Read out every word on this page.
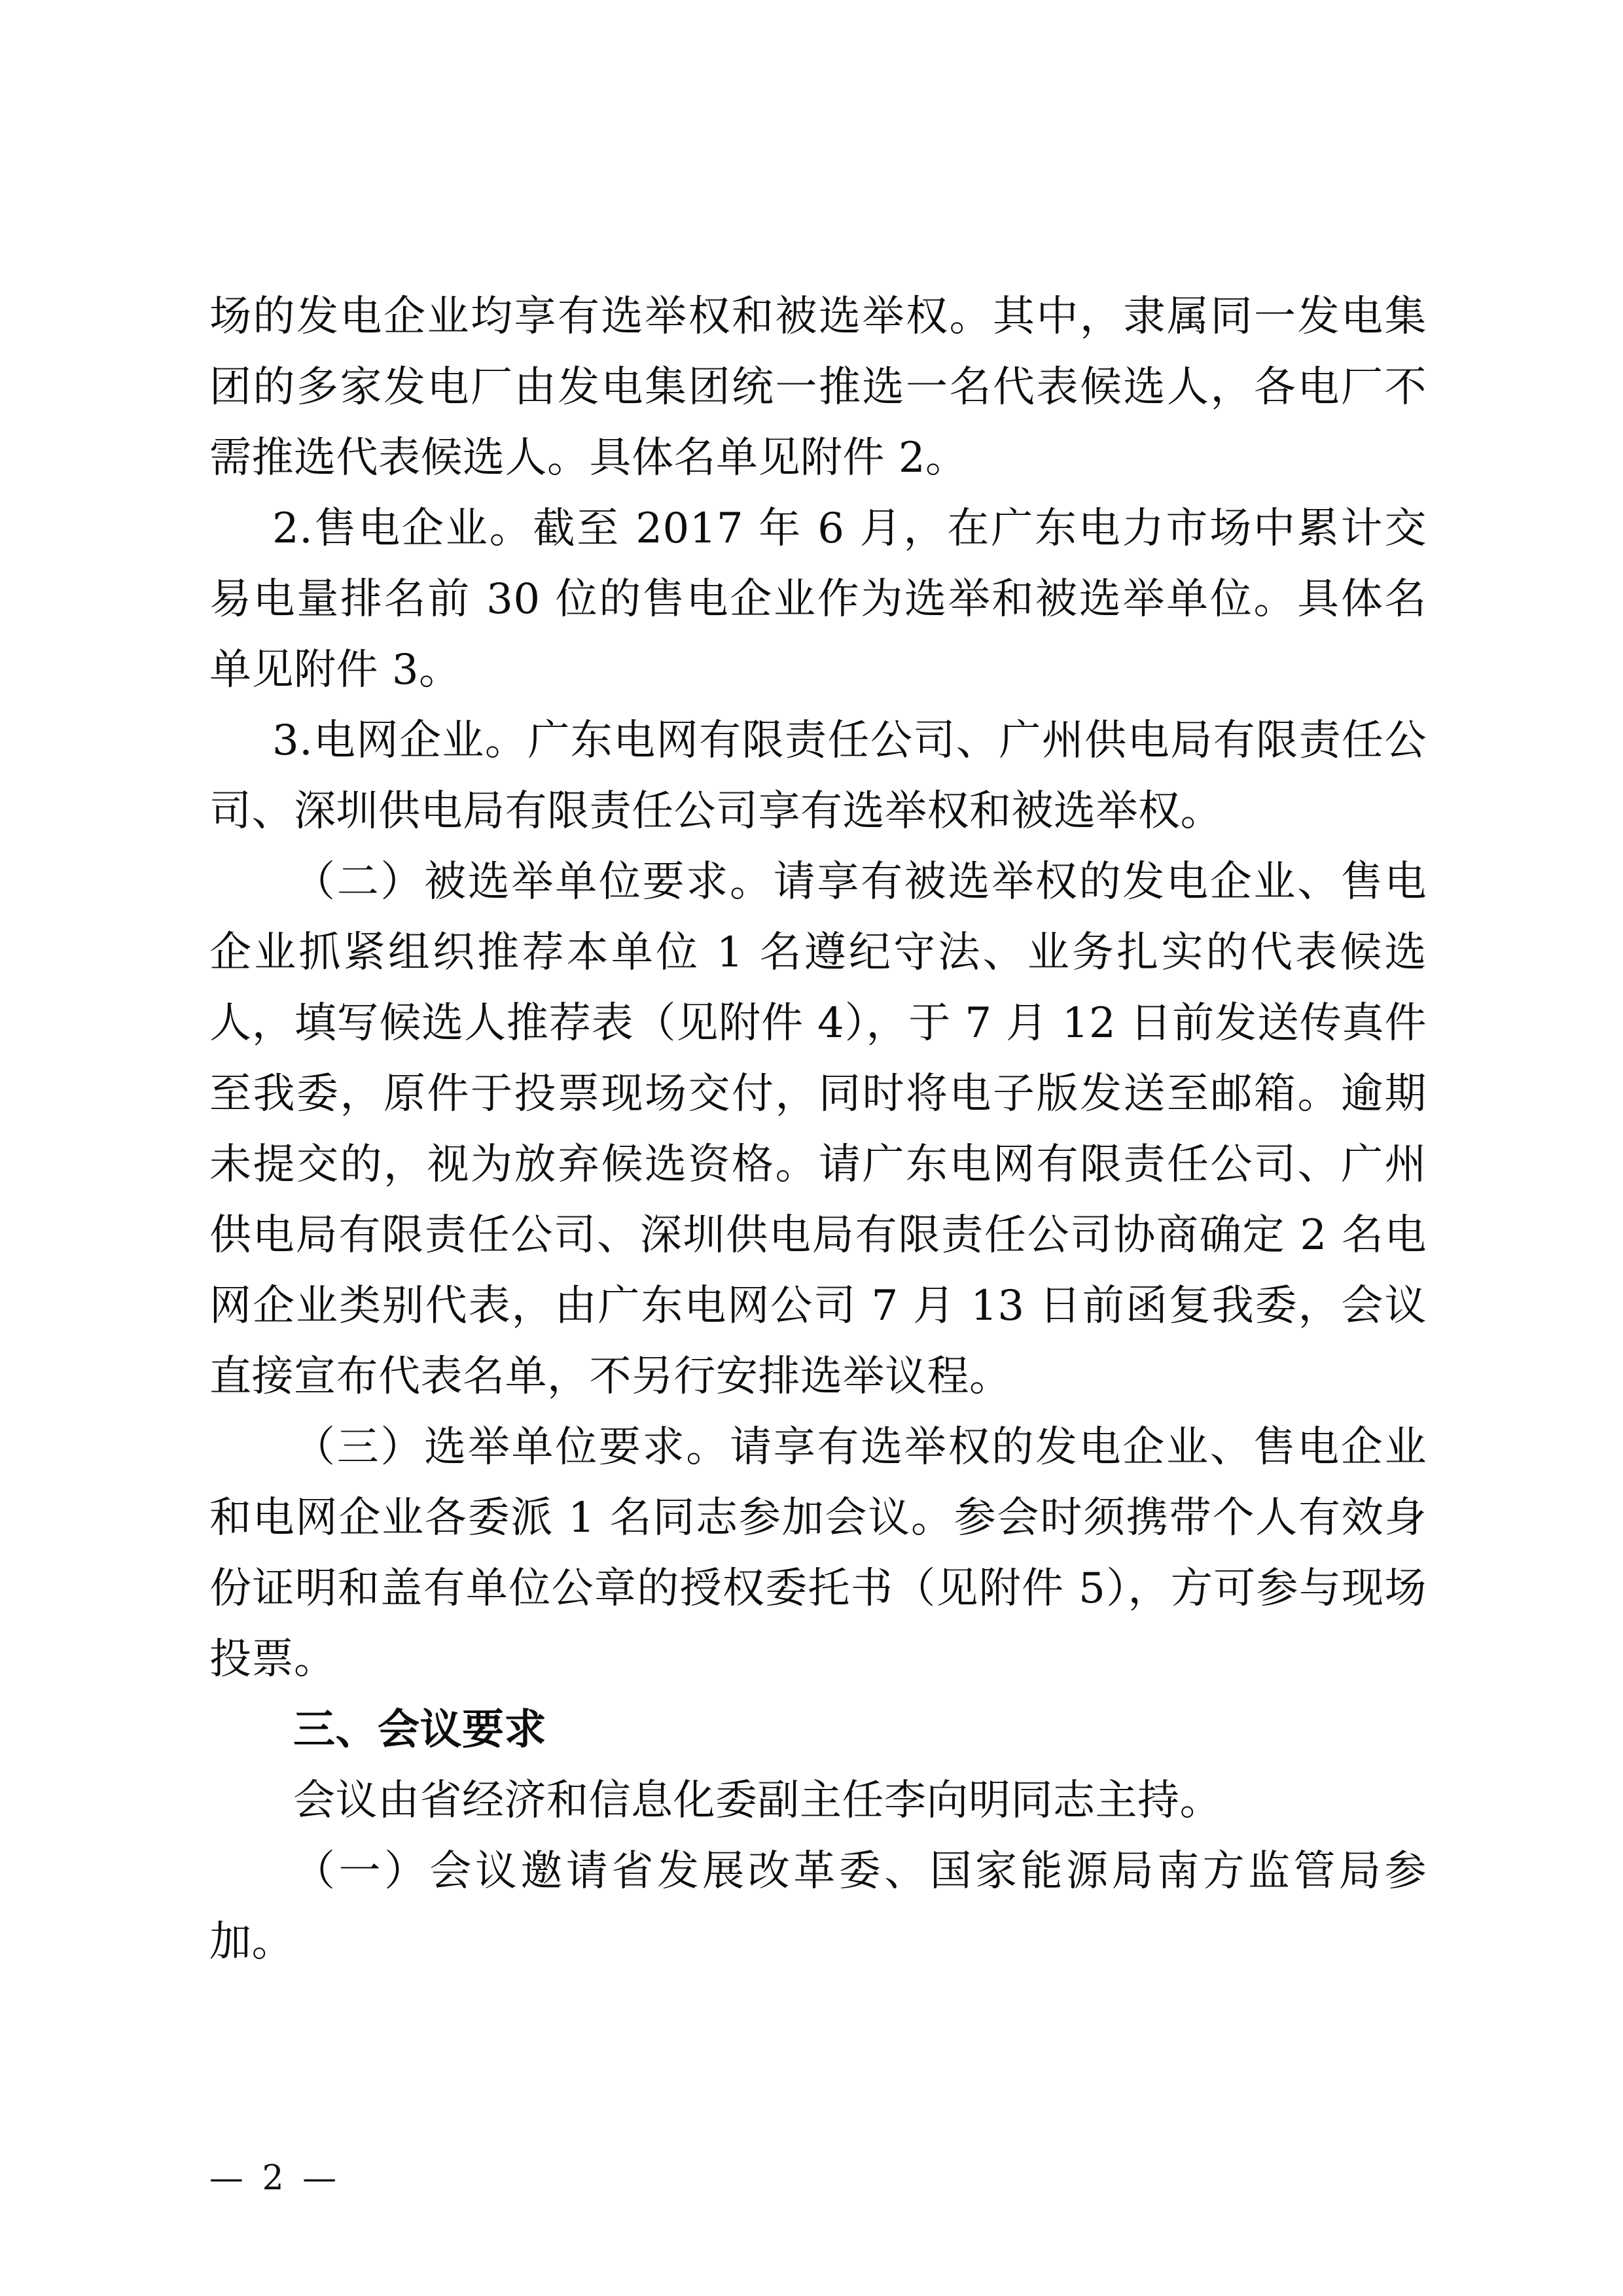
场的发电企业均享有选举权和被选举权。其中，隶属同一发电集团的多家发电厂由发电集团统一推选一名代表候选人，各电厂不需推选代表候选人。具体名单见附件 2。

2.售电企业。截至 2017 年 6 月，在广东电力市场中累计交易电量排名前 30 位的售电企业作为选举和被选举单位。具体名单见附件 3。

3.电网企业。广东电网有限责任公司、广州供电局有限责任公司、深圳供电局有限责任公司享有选举权和被选举权。

（二）被选举单位要求。请享有被选举权的发电企业、售电企业抓紧组织推荐本单位 1 名遵纪守法、业务扎实的代表候选人，填写候选人推荐表（见附件 4），于 7 月 12 日前发送传真件至我委，原件于投票现场交付，同时将电子版发送至邮箱。逾期未提交的，视为放弃候选资格。请广东电网有限责任公司、广州供电局有限责任公司、深圳供电局有限责任公司协商确定 2 名电网企业类别代表，由广东电网公司 7 月 13 日前函复我委，会议直接宣布代表名单，不另行安排选举议程。

（三）选举单位要求。请享有选举权的发电企业、售电企业和电网企业各委派 1 名同志参加会议。参会时须携带个人有效身份证明和盖有单位公章的授权委托书（见附件 5），方可参与现场投票。

三、会议要求

会议由省经济和信息化委副主任李向明同志主持。

（一）会议邀请省发展改革委、国家能源局南方监管局参加。

— 2 —
